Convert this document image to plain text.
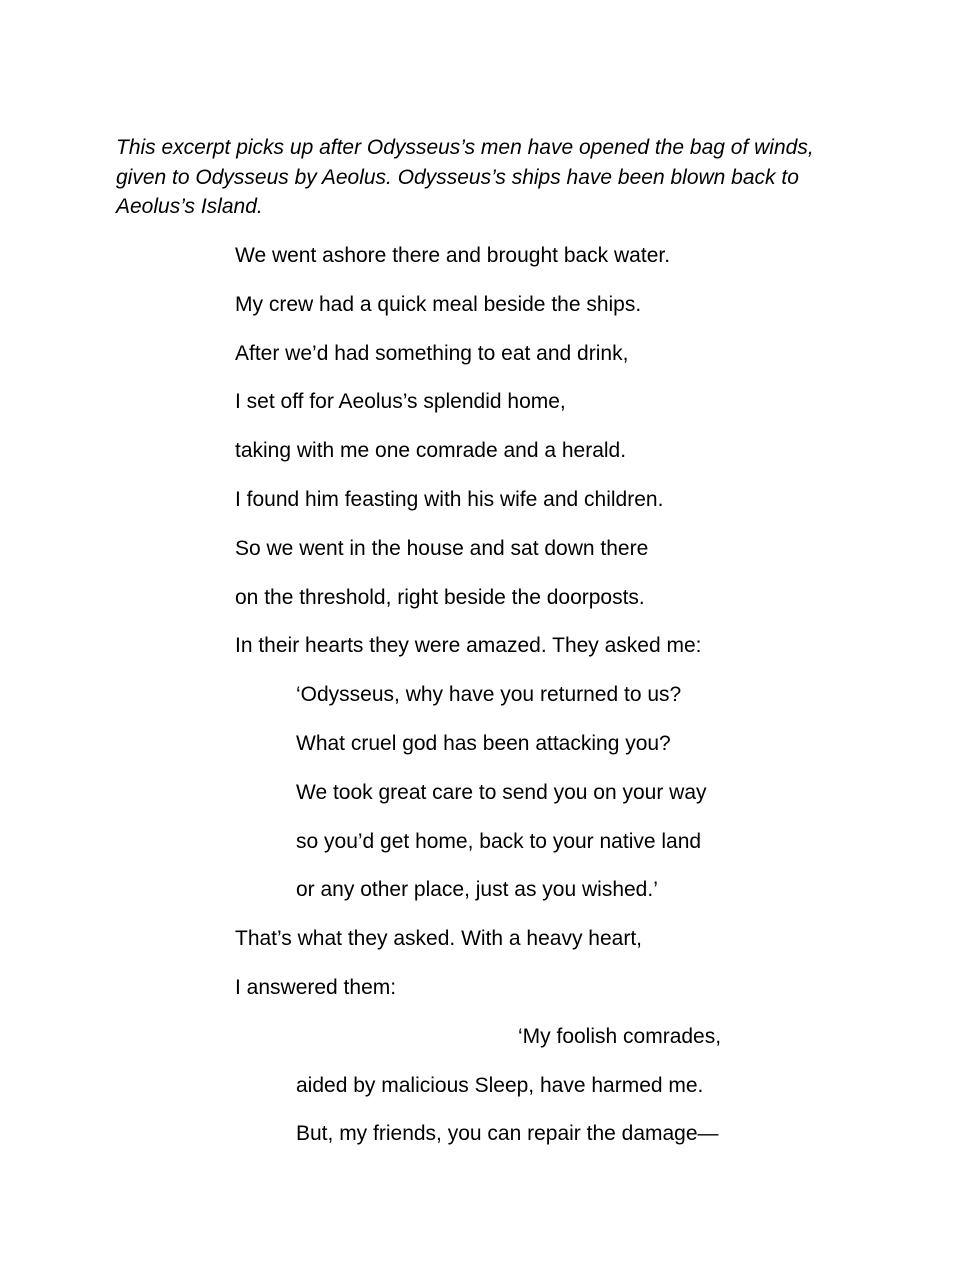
This excerpt picks up after Odysseus’s men have opened the bag of winds, given to Odysseus by Aeolus. Odysseus’s ships have been blown back to Aeolus’s Island.
We went ashore there and brought back water.
My crew had a quick meal beside the ships.
After we’d had something to eat and drink,
I set off for Aeolus’s splendid home,
taking with me one comrade and a herald.
I found him feasting with his wife and children.
So we went in the house and sat down there
on the threshold, right beside the doorposts.
In their hearts they were amazed. They asked me:
‘Odysseus, why have you returned to us?
What cruel god has been attacking you?
We took great care to send you on your way
so you’d get home, back to your native land
or any other place, just as you wished.’
That’s what they asked. With a heavy heart,
I answered them:
‘My foolish comrades,
aided by malicious Sleep, have harmed me.
But, my friends, you can repair the damage—
